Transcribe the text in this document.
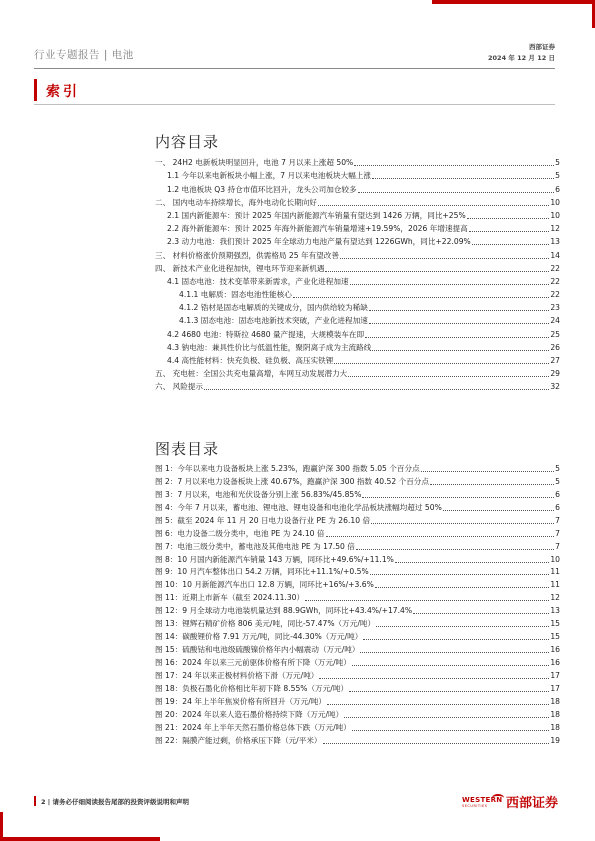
行业专题报告 | 电池
西部证券
2024 年 12 月 12 日
索引
内容目录
一、 24H2 电新板块明显回升，电池 7 月以来上涨超 50%	5
1.1 今年以来电新板块小幅上涨，7 月以来电池板块大幅上涨	5
1.2 电池板块 Q3 持仓市值环比回升，龙头公司加仓较多	6
二、 国内电动车持续增长，海外电动化长期向好	10
2.1 国内新能源车：预计 2025 年国内新能源汽车销量有望达到 1426 万辆，同比+25%	10
2.2 海外新能源车：预计 2025 年海外新能源汽车销量增速+19.59%，2026 年增速提高	12
2.3 动力电池：我们预计 2025 年全球动力电池产量有望达到 1226GWh，同比+22.09%	13
三、 材料价格涨价预期强烈，供需格局 25 年有望改善	14
四、 新技术产业化进程加快，锂电环节迎来新机遇	22
4.1 固态电池：技术变革带来新需求，产业化进程加速	22
4.1.1 电解质：固态电池性能核心	22
4.1.2 锆材是固态电解质的关键成分，国内供给较为稀缺	23
4.1.3 固态电池：固态电池新技术突破，产业化进程加速	24
4.2 4680 电池：特斯拉 4680 量产提速，大规模装车在即	25
4.3 钠电池：兼具性价比与低温性能，聚阴离子成为主流路线	26
4.4 高性能材料：快充负极、硅负极、高压实铁锂	27
五、 充电桩：全国公共充电量高增，车网互动发展潜力大	29
六、 风险提示	32
图表目录
图 1：今年以来电力设备板块上涨 5.23%，跑赢沪深 300 指数 5.05 个百分点	5
图 2：7 月以来电力设备板块上涨 40.67%，跑赢沪深 300 指数 40.52 个百分点	5
图 3：7 月以来，电池和光伏设备分别上涨 56.83%/45.85%	6
图 4：今年 7 月以来，蓄电池、锂电池、锂电设备和电池化学品板块涨幅均超过 50%	6
图 5：截至 2024 年 11 月 20 日电力设备行业 PE 为 26.10 倍	7
图 6：电力设备二级分类中，电池 PE 为 24.10 倍	7
图 7：电池三级分类中，蓄电池及其他电池 PE 为 17.50 倍	7
图 8：10 月国内新能源汽车销量 143 万辆，同环比+49.6%/+11.1%	10
图 9：10 月汽车整体出口 54.2 万辆，同环比+11.1%/+0.5%	11
图 10：10 月新能源汽车出口 12.8 万辆，同环比+16%/+3.6%	11
图 11：近期上市新车（截至 2024.11.30）	12
图 12：9 月全球动力电池装机量达到 88.9GWh，同环比+43.4%/+17.4%	13
图 13：锂辉石精矿价格 806 美元/吨，同比-57.47%（万元/吨）	15
图 14：碳酸锂价格 7.91 万元/吨，同比-44.30%（万元/吨）	15
图 15：硫酸钴和电池级硫酸镍价格年内小幅震动（万元/吨）	16
图 16：2024 年以来三元前驱体价格有所下降（万元/吨）	16
图 17：24 年以来正极材料价格下滑（万元/吨）	17
图 18：负极石墨化价格相比年初下降 8.55%（万元/吨）	17
图 19：24 年上半年焦炭价格有所回升（万元/吨）	18
图 20：2024 年以来人造石墨价格持续下降（万元/吨）	18
图 21：2024 年上半年天然石墨价格总体下跌（万元/吨）	18
图 22：隔膜产能过剩，价格承压下降（元/平米）	19
2 | 请务必仔细阅读报告尾部的投资评级说明和声明	WESTERN
SECURITIES 西部证券
